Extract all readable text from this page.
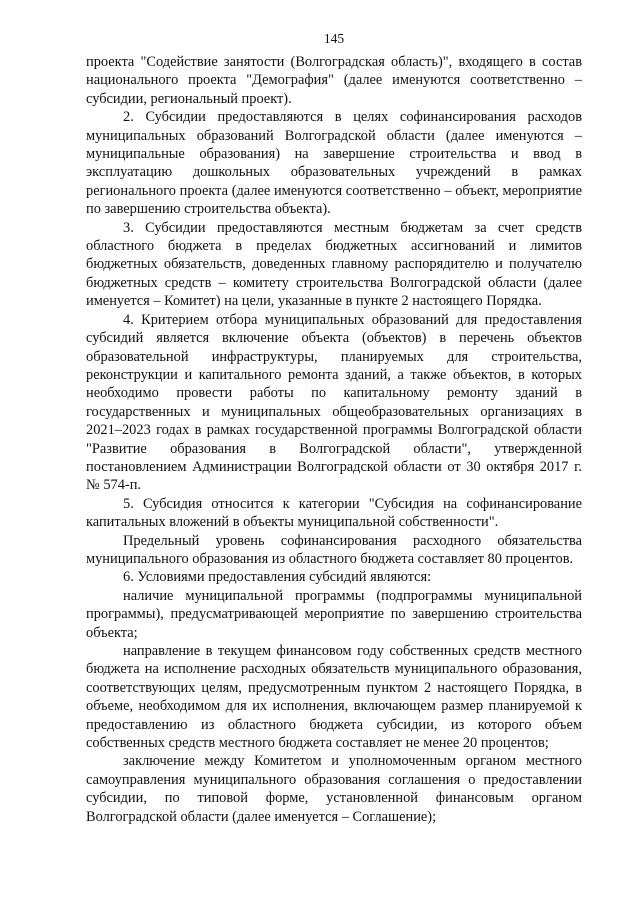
145

проекта "Содействие занятости (Волгоградская область)", входящего в состав национального проекта "Демография" (далее именуются соответственно – субсидии, региональный проект).

2. Субсидии предоставляются в целях софинансирования расходов муниципальных образований Волгоградской области (далее именуются – муниципальные образования) на завершение строительства и ввод в эксплуатацию дошкольных образовательных учреждений в рамках регионального проекта (далее именуются соответственно – объект, мероприятие по завершению строительства объекта).

3. Субсидии предоставляются местным бюджетам за счет средств областного бюджета в пределах бюджетных ассигнований и лимитов бюджетных обязательств, доведенных главному распорядителю и получателю бюджетных средств – комитету строительства Волгоградской области (далее именуется – Комитет) на цели, указанные в пункте 2 настоящего Порядка.

4. Критерием отбора муниципальных образований для предоставления субсидий является включение объекта (объектов) в перечень объектов образовательной инфраструктуры, планируемых для строительства, реконструкции и капитального ремонта зданий, а также объектов, в которых необходимо провести работы по капитальному ремонту зданий в государственных и муниципальных общеобразовательных организациях в 2021–2023 годах в рамках государственной программы Волгоградской области "Развитие образования в Волгоградской области", утвержденной постановлением Администрации Волгоградской области от 30 октября 2017 г. № 574-п.

5. Субсидия относится к категории "Субсидия на софинансирование капитальных вложений в объекты муниципальной собственности".

Предельный уровень софинансирования расходного обязательства муниципального образования из областного бюджета составляет 80 процентов.

6. Условиями предоставления субсидий являются:

наличие муниципальной программы (подпрограммы муниципальной программы), предусматривающей мероприятие по завершению строительства объекта;

направление в текущем финансовом году собственных средств местного бюджета на исполнение расходных обязательств муниципального образования, соответствующих целям, предусмотренным пунктом 2 настоящего Порядка, в объеме, необходимом для их исполнения, включающем размер планируемой к предоставлению из областного бюджета субсидии, из которого объем собственных средств местного бюджета составляет не менее 20 процентов;

заключение между Комитетом и уполномоченным органом местного самоуправления муниципального образования соглашения о предоставлении субсидии, по типовой форме, установленной финансовым органом Волгоградской области (далее именуется – Соглашение);
